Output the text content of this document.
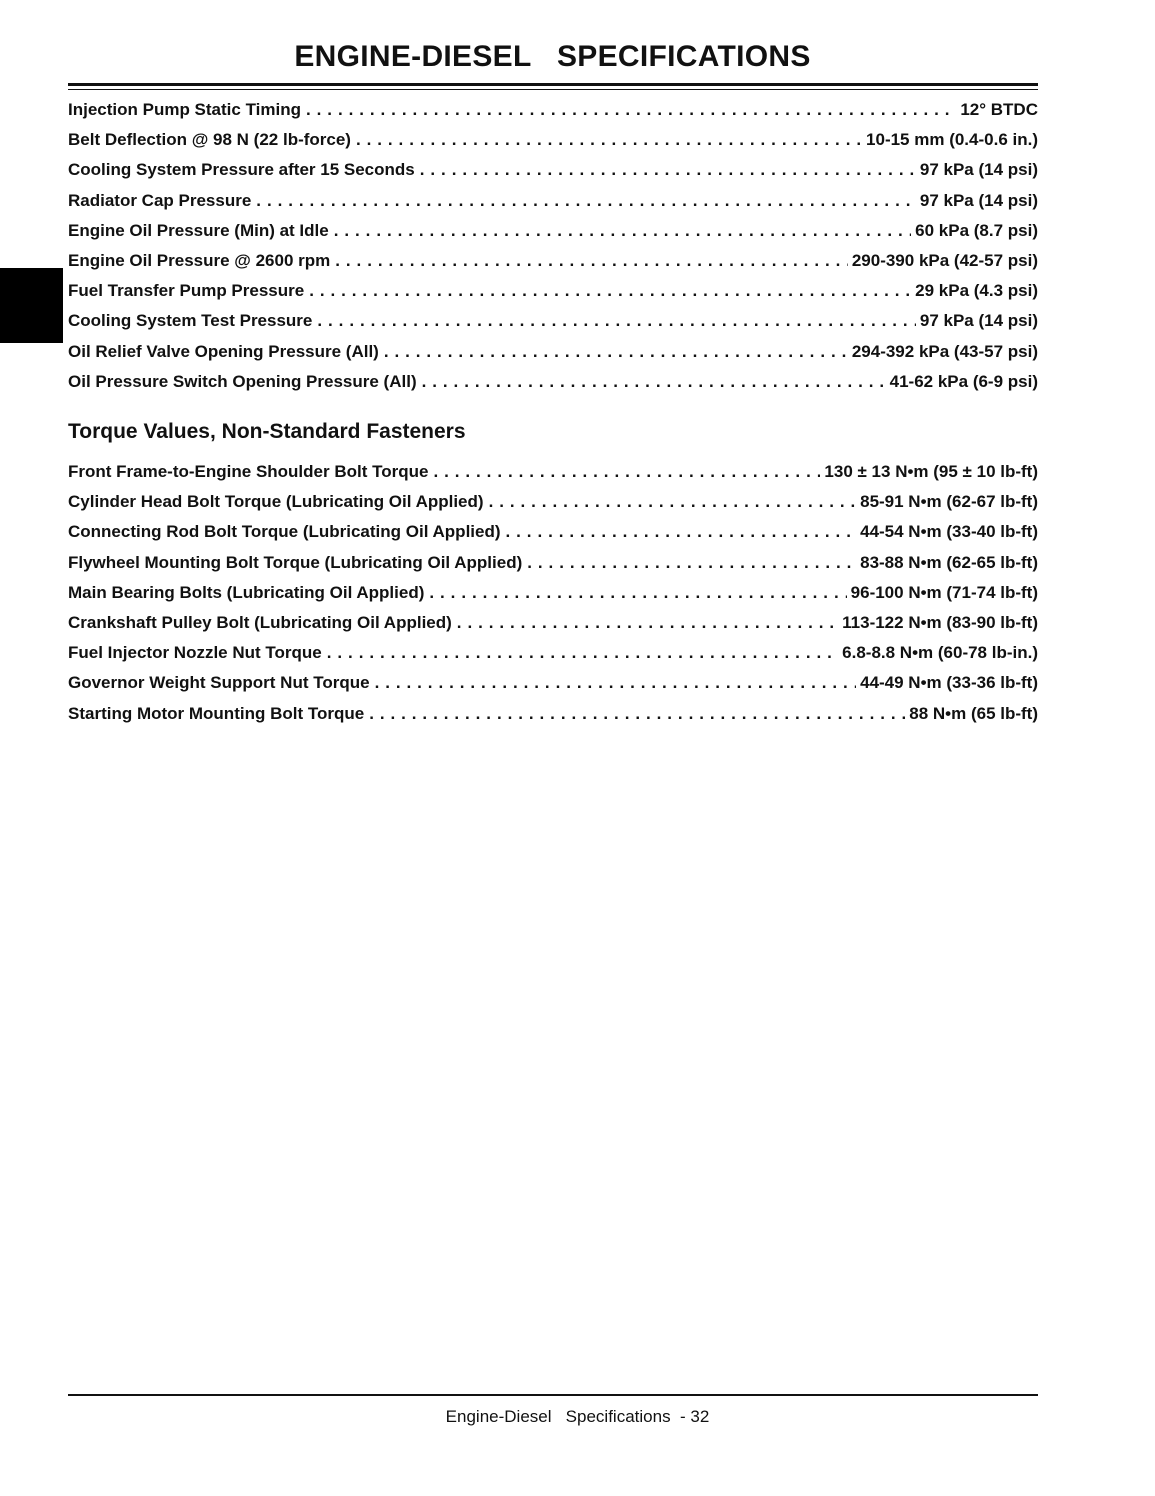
ENGINE-DIESEL   SPECIFICATIONS
Injection Pump Static Timing . . .	12° BTDC
Belt Deflection @ 98 N (22 lb-force) . . .	10-15 mm (0.4-0.6 in.)
Cooling System Pressure after 15 Seconds . . .	97 kPa (14 psi)
Radiator Cap Pressure . . .	97 kPa (14 psi)
Engine Oil Pressure (Min) at Idle . . .	60 kPa (8.7 psi)
Engine Oil Pressure @ 2600 rpm . . .	290-390 kPa (42-57 psi)
Fuel Transfer Pump Pressure . . .	29 kPa (4.3 psi)
Cooling System Test Pressure . . .	97 kPa (14 psi)
Oil Relief Valve Opening Pressure (All) . . .	294-392 kPa (43-57 psi)
Oil Pressure Switch Opening Pressure (All) . . .	41-62 kPa (6-9 psi)
Torque Values, Non-Standard Fasteners
Front Frame-to-Engine Shoulder Bolt Torque . . .	130 ± 13 N•m (95 ± 10 lb-ft)
Cylinder Head Bolt Torque (Lubricating Oil Applied) . . .	85-91 N•m (62-67 lb-ft)
Connecting Rod Bolt Torque (Lubricating Oil Applied) . . .	44-54 N•m (33-40 lb-ft)
Flywheel Mounting Bolt Torque (Lubricating Oil Applied) . . .	83-88 N•m (62-65 lb-ft)
Main Bearing Bolts (Lubricating Oil Applied) . . .	96-100 N•m (71-74 lb-ft)
Crankshaft Pulley Bolt (Lubricating Oil Applied) . . .	113-122 N•m (83-90 lb-ft)
Fuel Injector Nozzle Nut Torque . . .	6.8-8.8 N•m (60-78 lb-in.)
Governor Weight Support Nut Torque . . .	44-49 N•m (33-36 lb-ft)
Starting Motor Mounting Bolt Torque . . .	88 N•m (65 lb-ft)
Engine-Diesel   Specifications  - 32
